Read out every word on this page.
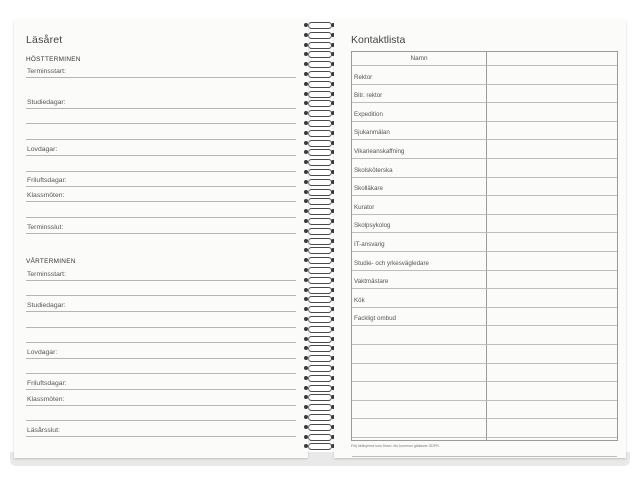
Läsåret
HÖSTTERMINEN
Terminsstart:
Studiedagar:
Lovdagar:
Friluftsdagar:
Klassmöten:
Terminsslut:
VÅRTERMINEN
Terminsstart:
Studiedagar:
Lovdagar:
Friluftsdagar:
Klassmöten:
Läsårsslut:
Kontaktlista
Namn
Rektor
Bitr. rektor
Expedition
Sjukanmälan
Vikarieanskaffning
Skolsköterska
Skolläkare
Kurator
Skolpsykolog
IT-ansvarig
Studie- och yrkesvägledare
Vaktmästare
Kök
Fackligt ombud
Följ riktlinjerna som finns i din kommun gällande GDPR.
